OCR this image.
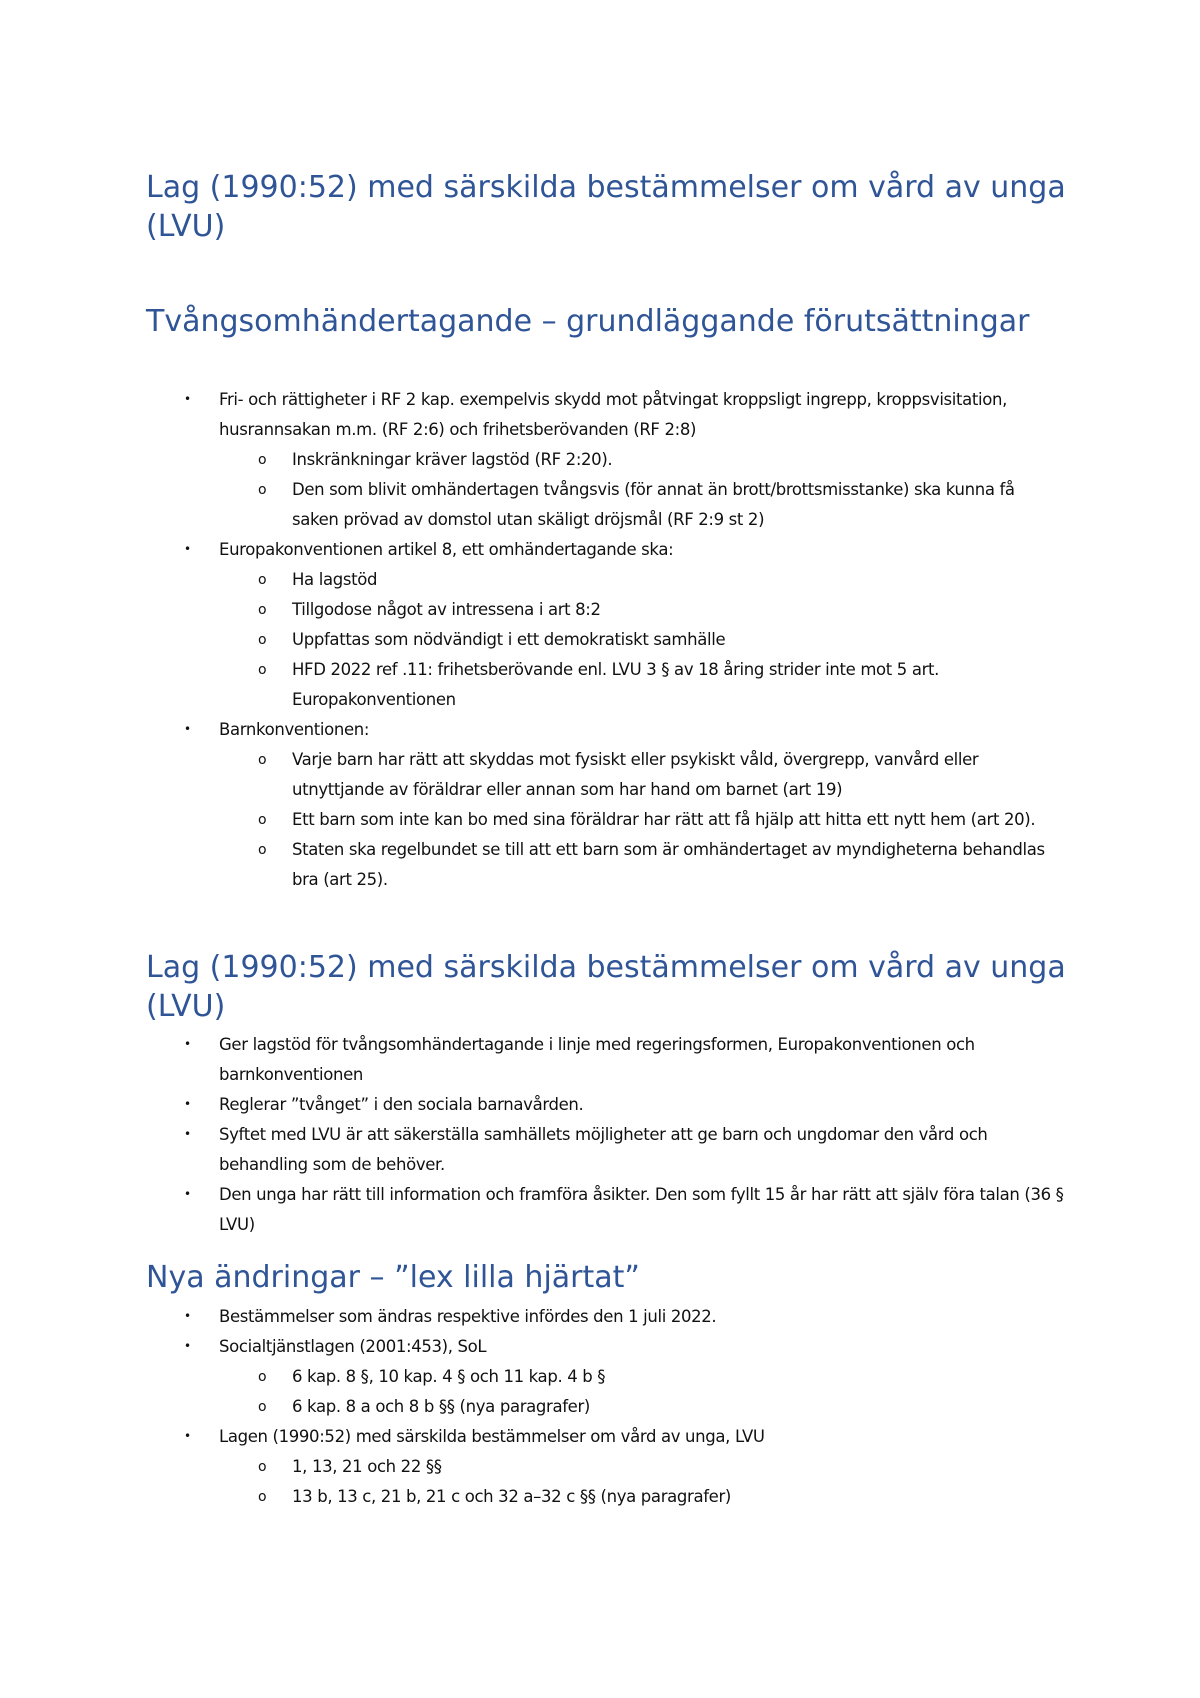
Lag (1990:52) med särskilda bestämmelser om vård av unga (LVU)
Tvångsomhändertagande – grundläggande förutsättningar
• Fri- och rättigheter i RF 2 kap. exempelvis skydd mot påtvingat kroppsligt ingrepp, kroppsvisitation, husrannsakan m.m. (RF 2:6) och frihetsberövanden (RF 2:8)
o Inskränkningar kräver lagstöd (RF 2:20).
o Den som blivit omhändertagen tvångsvis (för annat än brott/brottsmisstanke) ska kunna få saken prövad av domstol utan skäligt dröjsmål (RF 2:9 st 2)
• Europakonventionen artikel 8, ett omhändertagande ska:
o Ha lagstöd
o Tillgodose något av intressena i art 8:2
o Uppfattas som nödvändigt i ett demokratiskt samhälle
o HFD 2022 ref .11: frihetsberövande enl. LVU 3 § av 18 åring strider inte mot 5 art. Europakonventionen
• Barnkonventionen:
o Varje barn har rätt att skyddas mot fysiskt eller psykiskt våld, övergrepp, vanvård eller utnyttjande av föräldrar eller annan som har hand om barnet (art 19)
o Ett barn som inte kan bo med sina föräldrar har rätt att få hjälp att hitta ett nytt hem (art 20).
o Staten ska regelbundet se till att ett barn som är omhändertaget av myndigheterna behandlas bra (art 25).
Lag (1990:52) med särskilda bestämmelser om vård av unga (LVU)
• Ger lagstöd för tvångsomhändertagande i linje med regeringsformen, Europakonventionen och barnkonventionen
• Reglerar ”tvånget” i den sociala barnavården.
• Syftet med LVU är att säkerställa samhällets möjligheter att ge barn och ungdomar den vård och behandling som de behöver.
• Den unga har rätt till information och framföra åsikter. Den som fyllt 15 år har rätt att själv föra talan (36 § LVU)
Nya ändringar – ”lex lilla hjärtat”
• Bestämmelser som ändras respektive infördes den 1 juli 2022.
• Socialtjänstlagen (2001:453), SoL
o 6 kap. 8 §, 10 kap. 4 § och 11 kap. 4 b §
o 6 kap. 8 a och 8 b §§ (nya paragrafer)
• Lagen (1990:52) med särskilda bestämmelser om vård av unga, LVU
o 1, 13, 21 och 22 §§
o 13 b, 13 c, 21 b, 21 c och 32 a–32 c §§ (nya paragrafer)
